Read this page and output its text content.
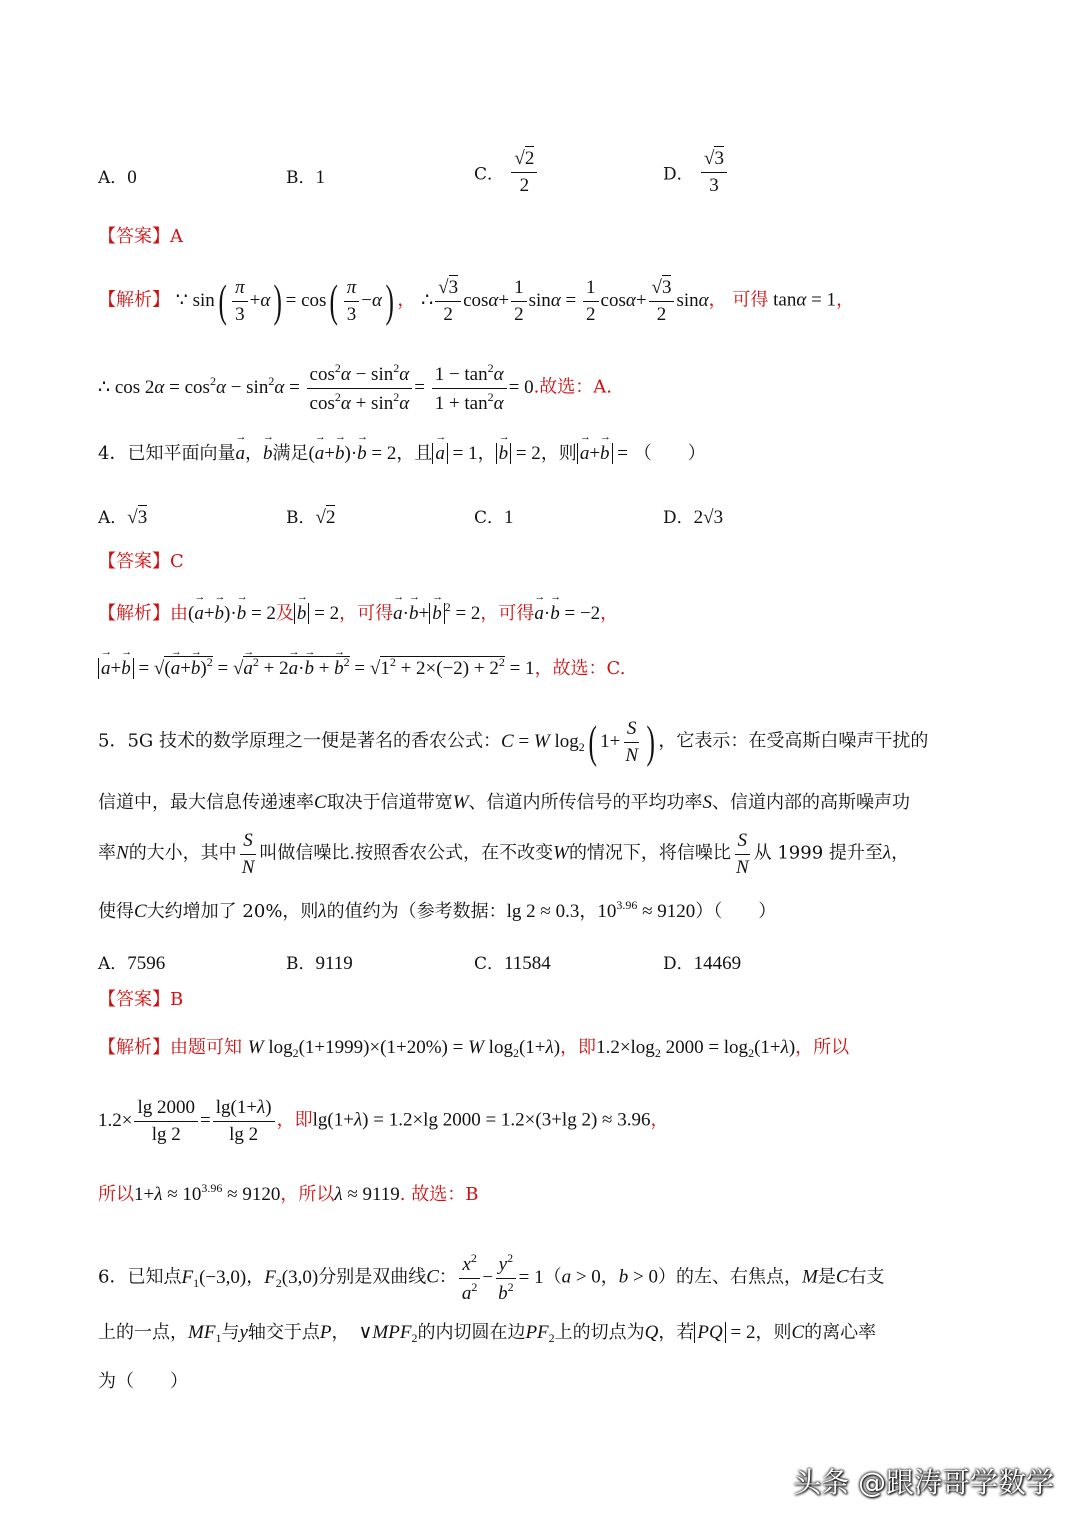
A．0	B．1	C． $\frac{√2}{2}$	D． $\frac{√3}{3}$
【答案】A
【解析】 ∵ $\sin( \frac{\pi}{3} +\alpha) = \cos( \frac{\pi}{3} -\alpha)$ ， ∴ $\frac{√3}{2} \cos\alpha+ \frac{1}{2}$ $\sin\alpha = \frac{1}{2} \cos\alpha+ \frac{√3}{2}$ sinα， 可得 tanα = 1，
∴ $\cos 2\alpha = \cos^2\alpha - \sin^2\alpha = \frac{\cos^2\alpha - \sin^2\alpha}{\cos^2\alpha + \sin^2\alpha} = \frac{1 - \tan^2\alpha}{1 + \tan^2\alpha} = 0$.故选：A.
4．已知平面向量→ a，→ b满足(→ a+→ b)·→ b = 2，且 → a = 1， → b = 2，则 → a+→ b = （　　）
A．√3	B．√2	C．1	D．2√3
【答案】C
【解析】由(→ a+→ b)·→ b = 2及 → b = 2，可得→ a·→ b+ → b $^2$ = 2，可得→ a·→ b = −2，
→ a+→ b = √(→ a+→ b)$^2$ = √→ $a^2 + 2\to a\cdot\to b$ + → $b^2 = √1^2 + 2\times(-2) + 2^2 = 1$，故选：C.
5．5G 技术的数学原理之一便是著名的香农公式：C = W $\log_2$( $1+ \frac{S}{N}$ ) ，它表示：在受高斯白噪声干扰的
信道中，最大信息传递速率C取决于信道带宽W、信道内所传信号的平均功率S、信道内部的高斯噪声功
率N的大小，其中 $\frac{S}{N}$ 叫做信噪比.按照香农公式，在不改变W的情况下，将信噪比 $\frac{S}{N}$ 从 1999 提升至λ，
使得C大约增加了 20%，则λ的值约为（参考数据：lg 2 ≈ 0.3，$10^{3.96} \approx 9120$）（　　）
A．7596	B．9119	C．11584	D．14469
【答案】B
【解析】由题可知 W $\log_2(1+1999)\times(1+20\%) = W$ $\log_2(1+\lambda)$，即$1.2\times\log_2$ $2000 = \log_2(1+\lambda)$，所以
$1.2\times \frac{\lg 2000}{\lg 2} = \frac{\lg(1+\lambda)}{\lg 2}$ ，即lg(1+λ) = 1.2×lg 2000 = 1.2×(3+lg 2) ≈ 3.96，
所以$1+\lambda \approx 10^{3.96} \approx 9120$，所以λ ≈ 9119. 故选：B
6．已知点$F_1(-3,0)$，$F_2(3,0)$分别是双曲线C： $\frac{x^2}{a^2} - \frac{y^2}{b^2} = 1(a > 0$，b > 0）的左、右焦点，M是C右支
上的一点，$MF_1$与y轴交于点P，　$\vee MPF_2$的内切圆在边$PF_2$上的切点为Q，若 PQ = 2，则C的离心率
为（　　）
头条 @跟涛哥学数学
